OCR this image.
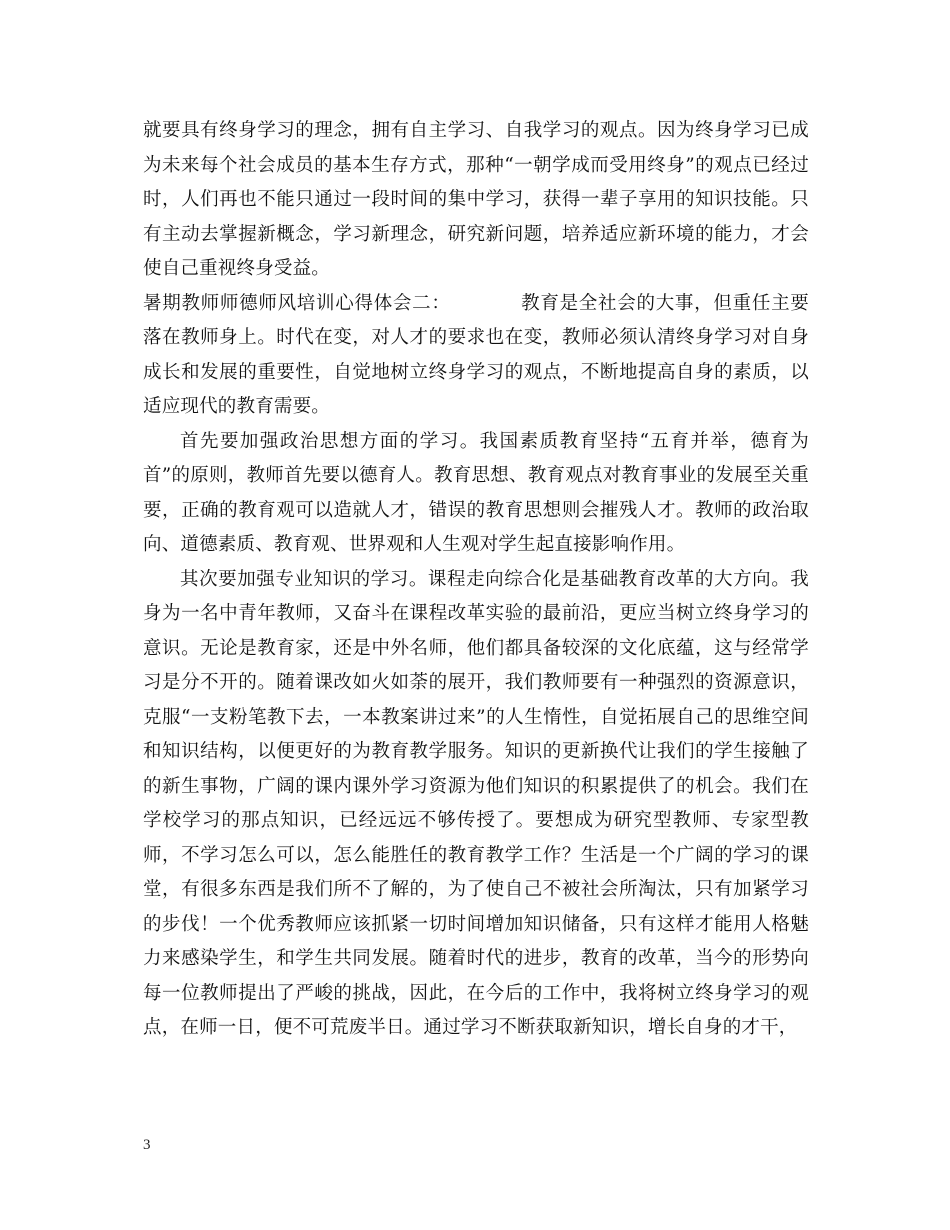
就要具有终身学习的理念，拥有自主学习、自我学习的观点。因为终身学习已成为未来每个社会成员的基本生存方式，那种“一朝学成而受用终身”的观点已经过时，人们再也不能只通过一段时间的集中学习，获得一辈子享用的知识技能。只有主动去掌握新概念，学习新理念，研究新问题，培养适应新环境的能力，才会使自己重视终身受益。

暑期教师师德师风培训心得体会二：	教育是全社会的大事，但重任主要落在教师身上。时代在变，对人才的要求也在变，教师必须认清终身学习对自身成长和发展的重要性，自觉地树立终身学习的观点，不断地提高自身的素质，以适应现代的教育需要。

首先要加强政治思想方面的学习。我国素质教育坚持“五育并举，德育为首”的原则，教师首先要以德育人。教育思想、教育观点对教育事业的发展至关重要，正确的教育观可以造就人才，错误的教育思想则会摧残人才。教师的政治取向、道德素质、教育观、世界观和人生观对学生起直接影响作用。

其次要加强专业知识的学习。课程走向综合化是基础教育改革的大方向。我身为一名中青年教师，又奋斗在课程改革实验的最前沿，更应当树立终身学习的意识。无论是教育家，还是中外名师，他们都具备较深的文化底蕴，这与经常学习是分不开的。随着课改如火如荼的展开，我们教师要有一种强烈的资源意识，克服“一支粉笔教下去，一本教案讲过来”的人生惰性，自觉拓展自己的思维空间和知识结构，以便更好的为教育教学服务。知识的更新换代让我们的学生接触了的新生事物，广阔的课内课外学习资源为他们知识的积累提供了的机会。我们在学校学习的那点知识，已经远远不够传授了。要想成为研究型教师、专家型教师，不学习怎么可以，怎么能胜任的教育教学工作？生活是一个广阔的学习的课堂，有很多东西是我们所不了解的，为了使自己不被社会所淘汰，只有加紧学习的步伐！一个优秀教师应该抓紧一切时间增加知识储备，只有这样才能用人格魅力来感染学生，和学生共同发展。随着时代的进步，教育的改革，当今的形势向每一位教师提出了严峻的挑战，因此，在今后的工作中，我将树立终身学习的观点，在师一日，便不可荒废半日。通过学习不断获取新知识，增长自身的才干，

3
